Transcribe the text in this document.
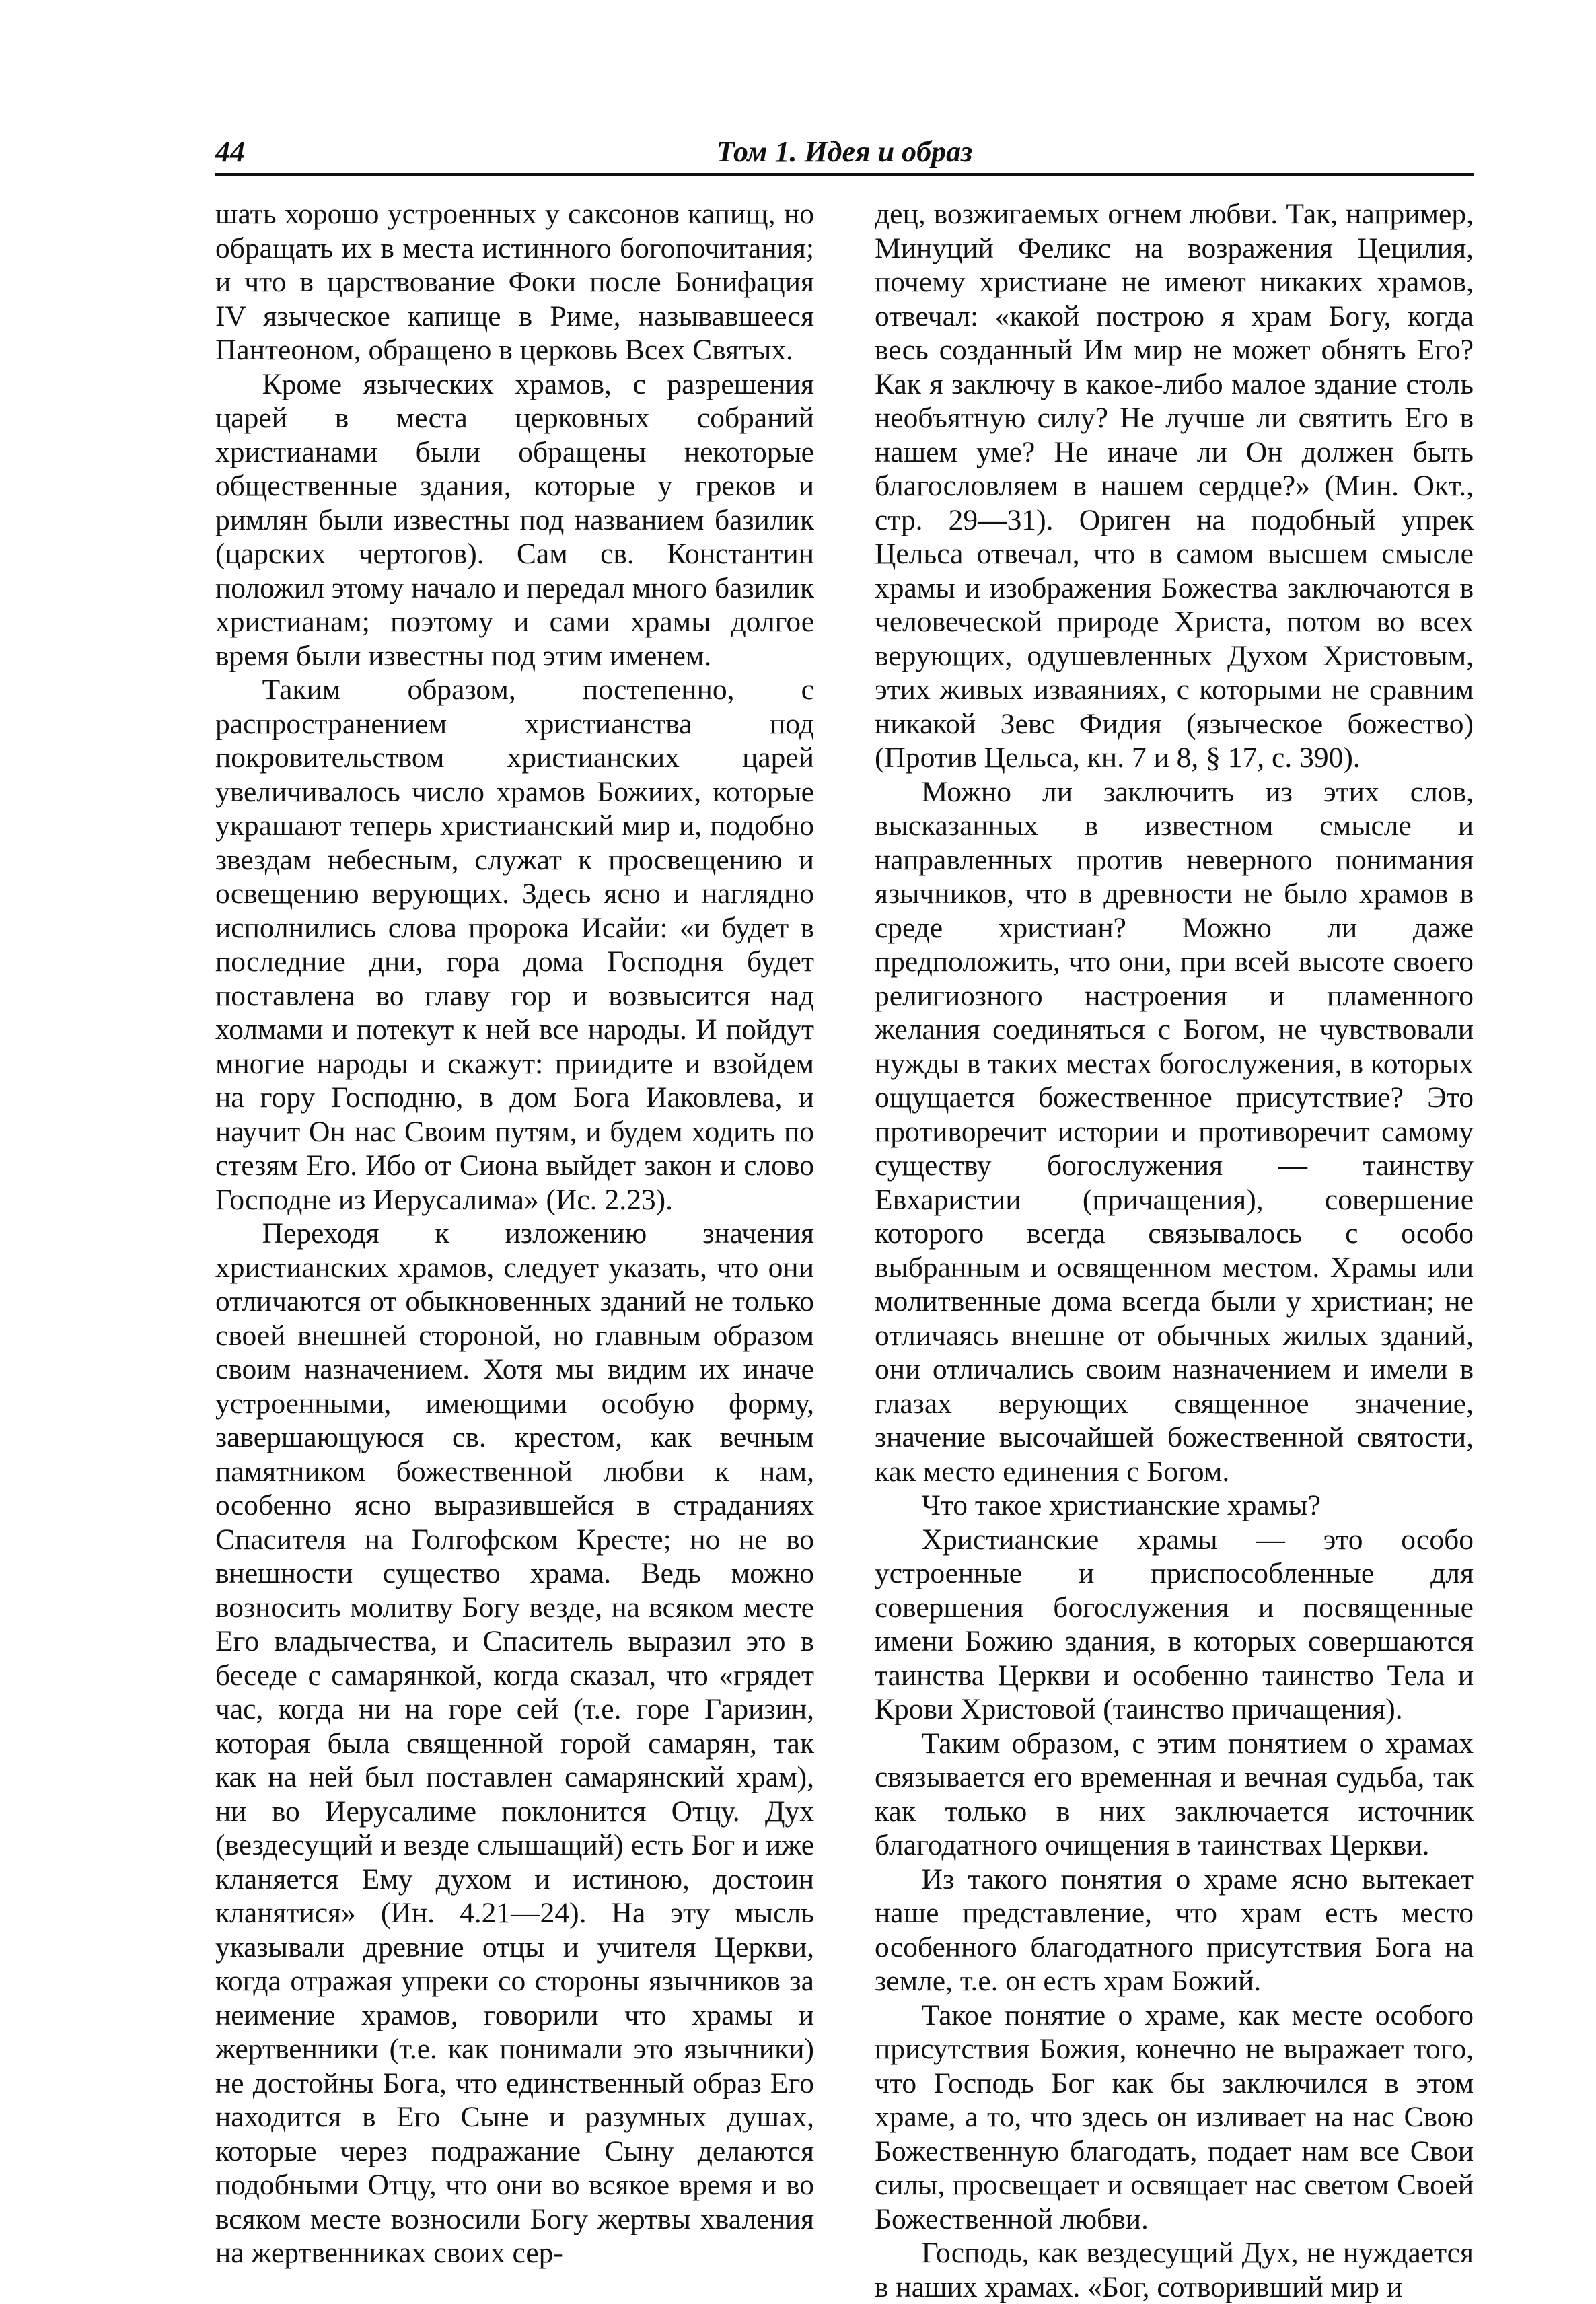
44	Том 1. Идея и образ

шать хорошо устроенных у саксонов капищ, но обращать их в места истинного богопочитания; и что в царствование Фоки после Бонифация IV языческое капище в Риме, называвшееся Пантеоном, обращено в церковь Всех Святых.

Кроме языческих храмов, с разрешения царей в места церковных собраний христианами были обращены некоторые общественные здания, которые у греков и римлян были известны под названием базилик (царских чертогов). Сам св. Константин положил этому начало и передал много базилик христианам; поэтому и сами храмы долгое время были известны под этим именем.

Таким образом, постепенно, с распространением христианства под покровительством христианских царей увеличивалось число храмов Божиих, которые украшают теперь христианский мир и, подобно звездам небесным, служат к просвещению и освещению верующих. Здесь ясно и наглядно исполнились слова пророка Исайи: «и будет в последние дни, гора дома Господня будет поставлена во главу гор и возвысится над холмами и потекут к ней все народы. И пойдут многие народы и скажут: приидите и взойдем на гору Господню, в дом Бога Иаковлева, и научит Он нас Своим путям, и будем ходить по стезям Его. Ибо от Сиона выйдет закон и слово Господне из Иерусалима» (Ис. 2.23).

Переходя к изложению значения христианских храмов, следует указать, что они отличаются от обыкновенных зданий не только своей внешней стороной, но главным образом своим назначением. Хотя мы видим их иначе устроенными, имеющими особую форму, завершающуюся св. крестом, как вечным памятником божественной любви к нам, особенно ясно выразившейся в страданиях Спасителя на Голгофском Кресте; но не во внешности существо храма. Ведь можно возносить молитву Богу везде, на всяком месте Его владычества, и Спаситель выразил это в беседе с самарянкой, когда сказал, что «грядет час, когда ни на горе сей (т.е. горе Гаризин, которая была священной горой самарян, так как на ней был поставлен самарянский храм), ни во Иерусалиме поклонится Отцу. Дух (вездесущий и везде слышащий) есть Бог и иже кланяется Ему духом и истиною, достоин кланятися» (Ин. 4.21—24). На эту мысль указывали древние отцы и учителя Церкви, когда отражая упреки со стороны язычников за неимение храмов, говорили что храмы и жертвенники (т.е. как понимали это язычники) не достойны Бога, что единственный образ Его находится в Его Сыне и разумных душах, которые через подражание Сыну делаются подобными Отцу, что они во всякое время и во всяком месте возносили Богу жертвы хваления на жертвенниках своих сер-

дец, возжигаемых огнем любви. Так, например, Минуций Феликс на возражения Цецилия, почему христиане не имеют никаких храмов, отвечал: «какой построю я храм Богу, когда весь созданный Им мир не может обнять Его? Как я заключу в какое-либо малое здание столь необъятную силу? Не лучше ли святить Его в нашем уме? Не иначе ли Он должен быть благословляем в нашем сердце?» (Мин. Окт., стр. 29—31). Ориген на подобный упрек Цельса отвечал, что в самом высшем смысле храмы и изображения Божества заключаются в человеческой природе Христа, потом во всех верующих, одушевленных Духом Христовым, этих живых изваяниях, с которыми не сравним никакой Зевс Фидия (языческое божество) (Против Цельса, кн. 7 и 8, § 17, с. 390).

Можно ли заключить из этих слов, высказанных в известном смысле и направленных против неверного понимания язычников, что в древности не было храмов в среде христиан? Можно ли даже предположить, что они, при всей высоте своего религиозного настроения и пламенного желания соединяться с Богом, не чувствовали нужды в таких местах богослужения, в которых ощущается божественное присутствие? Это противоречит истории и противоречит самому существу богослужения — таинству Евхаристии (причащения), совершение которого всегда связывалось с особо выбранным и освященном местом. Храмы или молитвенные дома всегда были у христиан; не отличаясь внешне от обычных жилых зданий, они отличались своим назначением и имели в глазах верующих священное значение, значение высочайшей божественной святости, как место единения с Богом.

Что такое христианские храмы?

Христианские храмы — это особо устроенные и приспособленные для совершения богослужения и посвященные имени Божию здания, в которых совершаются таинства Церкви и особенно таинство Тела и Крови Христовой (таинство причащения).

Таким образом, с этим понятием о храмах связывается его временная и вечная судьба, так как только в них заключается источник благодатного очищения в таинствах Церкви.

Из такого понятия о храме ясно вытекает наше представление, что храм есть место особенного благодатного присутствия Бога на земле, т.е. он есть храм Божий.

Такое понятие о храме, как месте особого присутствия Божия, конечно не выражает того, что Господь Бог как бы заключился в этом храме, а то, что здесь он изливает на нас Свою Божественную благодать, подает нам все Свои силы, просвещает и освящает нас светом Своей Божественной любви.

Господь, как вездесущий Дух, не нуждается в наших храмах. «Бог, сотворивший мир и
